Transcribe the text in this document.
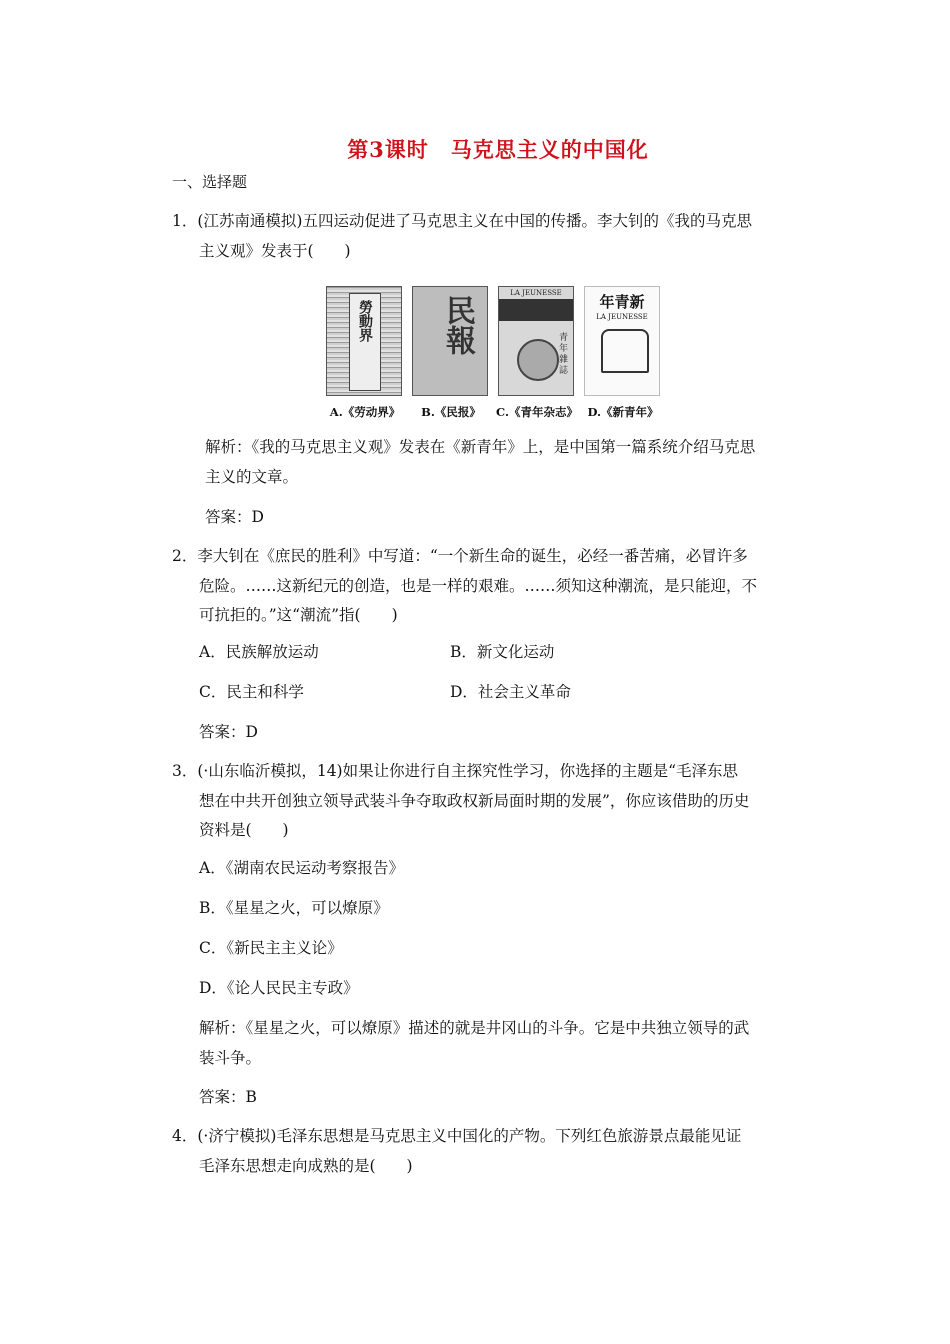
第3课时　马克思主义的中国化
一、选择题
1．(江苏南通模拟)五四运动促进了马克思主义在中国的传播。李大钊的《我的马克思
主义观》发表于(　　)
勞動界
A.《劳动界》
民報
B.《民报》
LA JEUNESSE
青年雜誌
C.《青年杂志》
年青新
LA JEUNESSE
D.《新青年》
解析：《我的马克思主义观》发表在《新青年》上，是中国第一篇系统介绍马克思
主义的文章。
答案：D
2．李大钊在《庶民的胜利》中写道：“一个新生命的诞生，必经一番苦痛，必冒许多
危险。……这新纪元的创造，也是一样的艰难。……须知这种潮流，是只能迎，不
可抗拒的。”这“潮流”指(　　)
A．民族解放运动	B．新文化运动
C．民主和科学	D．社会主义革命
答案：D
3．(·山东临沂模拟，14)如果让你进行自主探究性学习，你选择的主题是“毛泽东思
想在中共开创独立领导武装斗争夺取政权新局面时期的发展”，你应该借助的历史
资料是(　　)
A．《湖南农民运动考察报告》
B．《星星之火，可以燎原》
C．《新民主主义论》
D．《论人民民主专政》
解析：《星星之火，可以燎原》描述的就是井冈山的斗争。它是中共独立领导的武
装斗争。
答案：B
4．(·济宁模拟)毛泽东思想是马克思主义中国化的产物。下列红色旅游景点最能见证
毛泽东思想走向成熟的是(　　)
